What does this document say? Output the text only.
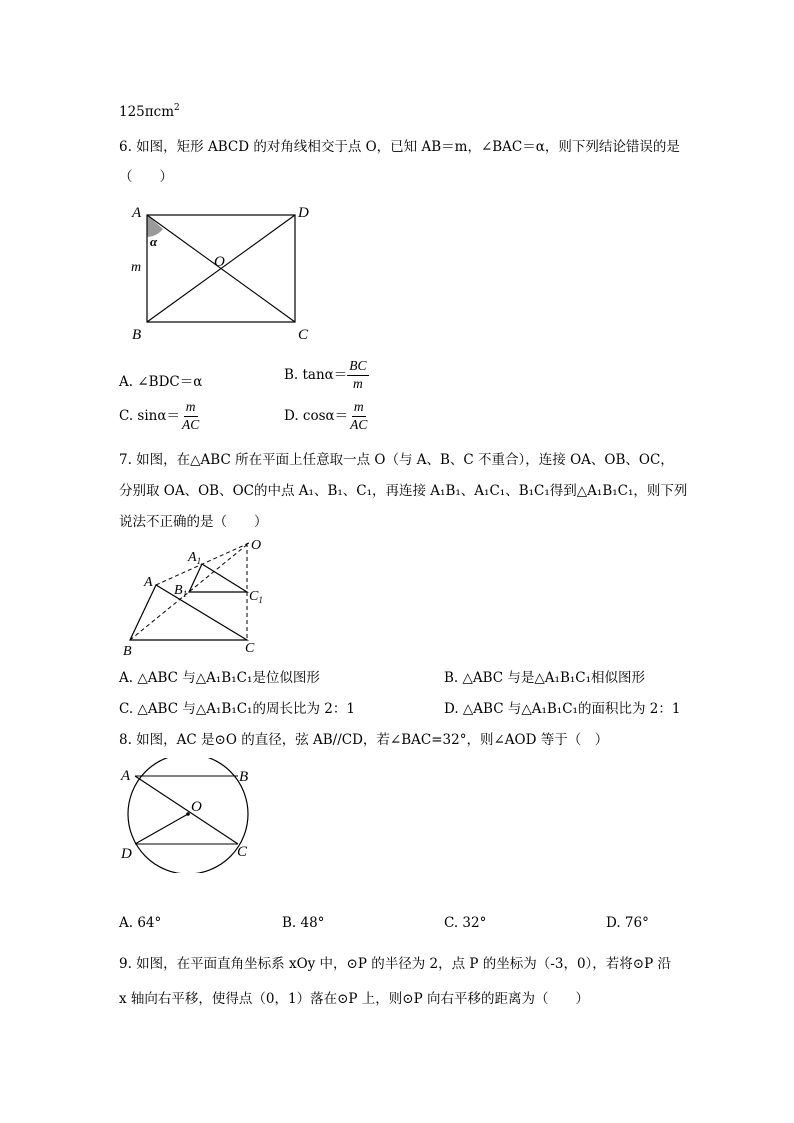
125πcm$^2$
6. 如图，矩形 ABCD 的对角线相交于点 O，已知 AB＝m，∠BAC＝α，则下列结论错误的是
（　　）
A	D
B	C
O
α
m
A. ∠BDC＝α	B. $\tan\alpha= \frac{BC}{m}$
C. $\sin\alpha= \frac{m}{AC}$	D. $\cos\alpha= \frac{m}{AC}$
7. 如图，在△ABC 所在平面上任意取一点 O（与 A、B、C 不重合），连接 OA、OB、OC，
分别取 OA、OB、OC的中点 A₁、B₁、C₁，再连接 A₁B₁、A₁C₁、B₁C₁得到△A₁B₁C₁，则下列
说法不正确的是（　　）
O
A
B	C
$A_1$
$B_1$	$C_1$
A. △ABC 与△A₁B₁C₁是位似图形	B. △ABC 与是△A₁B₁C₁相似图形
C. △ABC 与△A₁B₁C₁的周长比为 2：1	D. △ABC 与△A₁B₁C₁的面积比为 2：1
8. 如图，AC 是⊙O 的直径，弦 AB//CD，若∠BAC=32°，则∠AOD 等于（　）
A	B
D	C
O
A. 64°	B. 48°	C. 32°	D. 76°
9. 如图，在平面直角坐标系 xOy 中，⊙P 的半径为 2，点 P 的坐标为（-3，0），若将⊙P 沿
x 轴向右平移，使得点（0，1）落在⊙P 上，则⊙P 向右平移的距离为（　　）
